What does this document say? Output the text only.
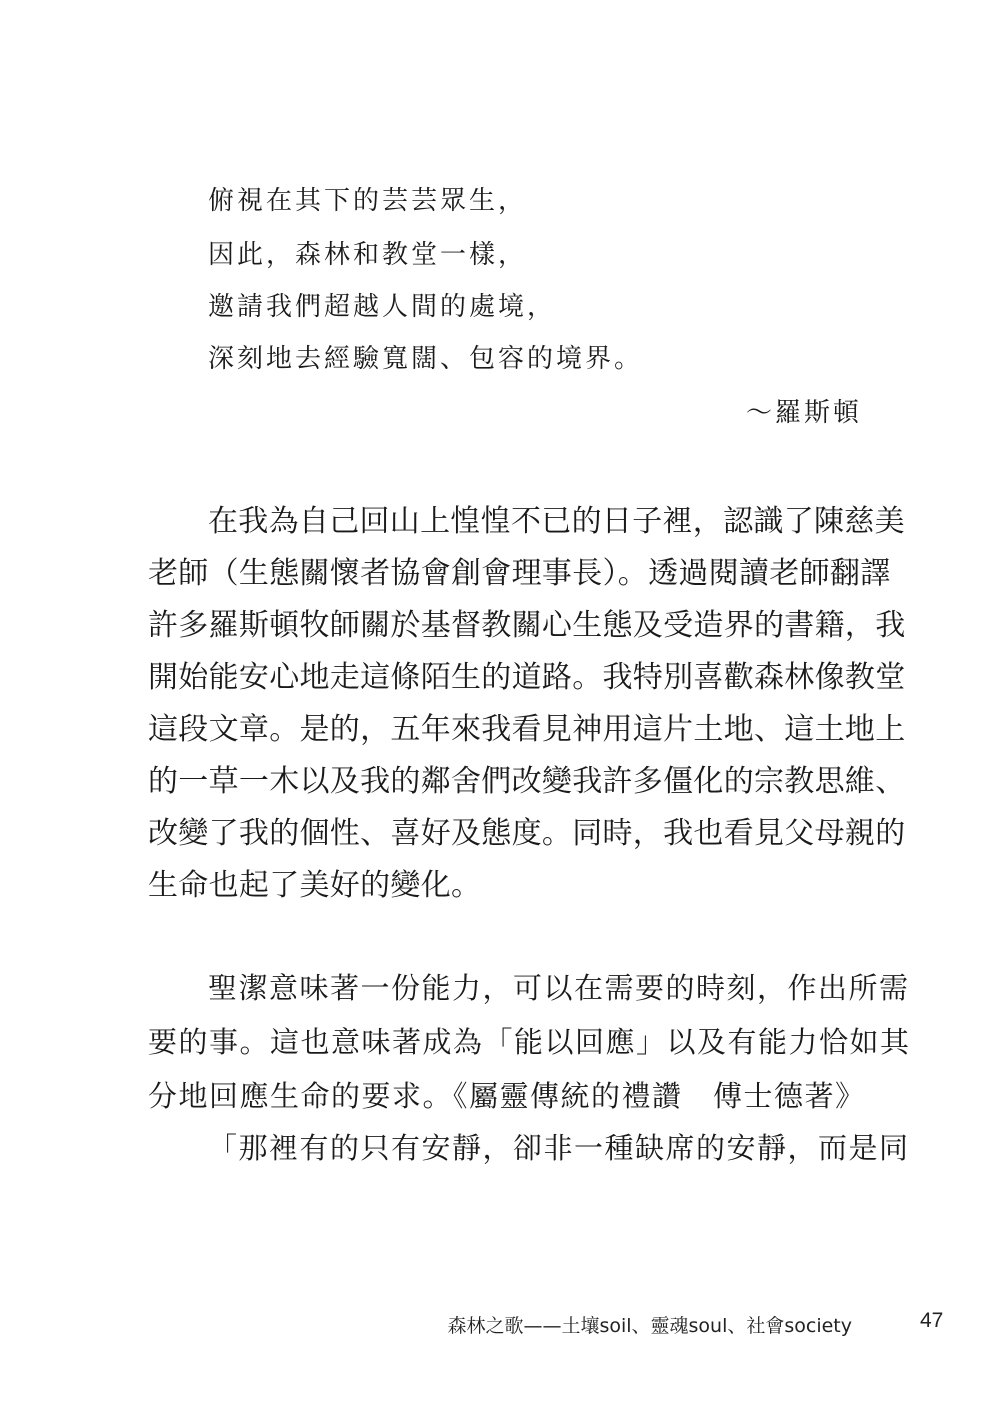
俯視在其下的芸芸眾生，

因此，森林和教堂一樣，

邀請我們超越人間的處境，

深刻地去經驗寬闊、包容的境界。

～羅斯頓

在我為自己回山上惶惶不已的日子裡，認識了陳慈美

老師（生態關懷者協會創會理事長）。透過閱讀老師翻譯

許多羅斯頓牧師關於基督教關心生態及受造界的書籍，我

開始能安心地走這條陌生的道路。我特別喜歡森林像教堂

這段文章。是的，五年來我看見神用這片土地、這土地上

的一草一木以及我的鄰舍們改變我許多僵化的宗教思維、

改變了我的個性、喜好及態度。同時，我也看見父母親的

生命也起了美好的變化。

聖潔意味著一份能力，可以在需要的時刻，作出所需

要的事。這也意味著成為「能以回應」以及有能力恰如其

分地回應生命的要求。《屬靈傳統的禮讚　傅士德著》

「那裡有的只有安靜，卻非一種缺席的安靜，而是同

森林之歌——土壤soil、靈魂soul、社會society	47
